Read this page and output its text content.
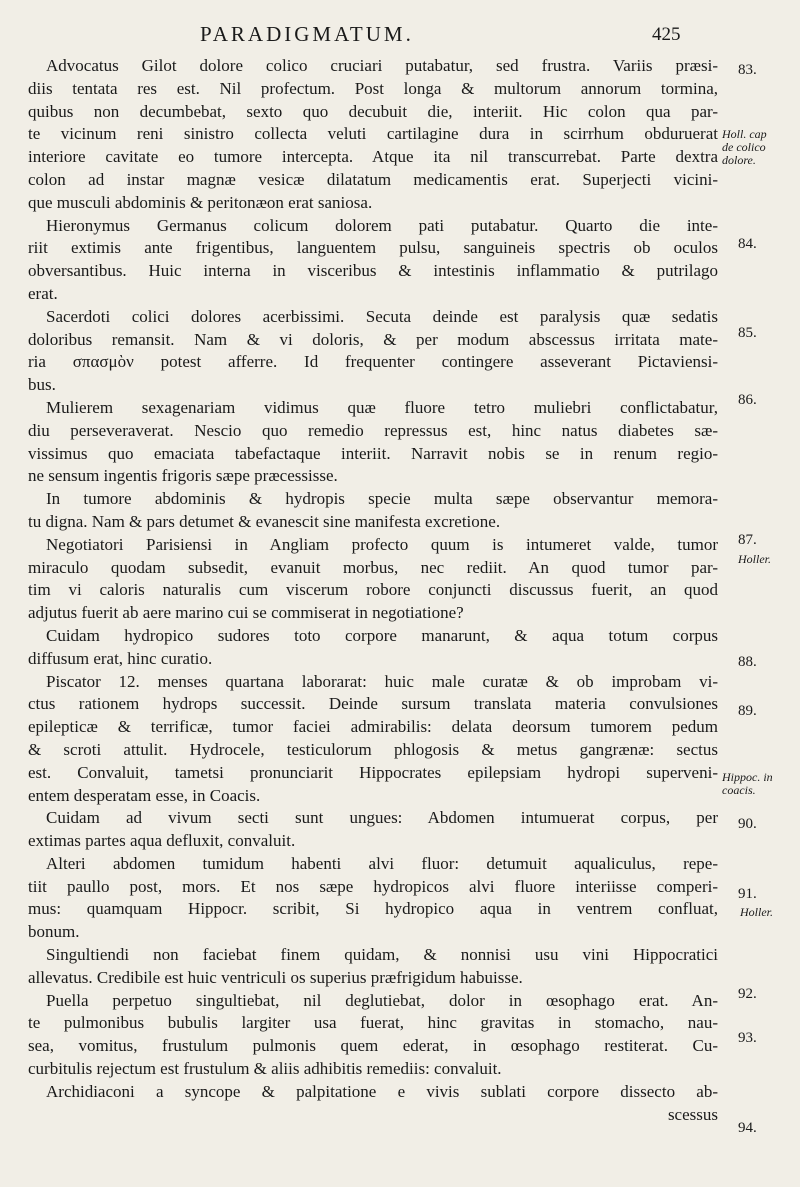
PARADIGMATUM.	425
Advocatus Gilot dolore colico cruciari putabatur, sed frustra. Variis præsi-
diis tentata res est. Nil profectum. Post longa & multorum annorum tormina,
quibus non decumbebat, sexto quo decubuit die, interiit. Hic colon qua par-
te vicinum reni sinistro collecta veluti cartilagine dura in scirrhum obduruerat
interiore cavitate eo tumore intercepta. Atque ita nil transcurrebat. Parte dextra
colon ad instar magnæ vesicæ dilatatum medicamentis erat. Superjecti vicini-
que musculi abdominis & peritonæon erat saniosa.
Hieronymus Germanus colicum dolorem pati putabatur. Quarto die inte-
riit extimis ante frigentibus, languentem pulsu, sanguineis spectris ob oculos
obversantibus. Huic interna in visceribus & intestinis inflammatio & putrilago
erat.
Sacerdoti colici dolores acerbissimi. Secuta deinde est paralysis quæ sedatis
doloribus remansit. Nam & vi doloris, & per modum abscessus irritata mate-
ria σπασμὸν potest afferre. Id frequenter contingere asseverant Pictaviensi-
bus.
Mulierem sexagenariam vidimus quæ fluore tetro muliebri conflictabatur,
diu perseveraverat. Nescio quo remedio repressus est, hinc natus diabetes sæ-
vissimus quo emaciata tabefactaque interiit. Narravit nobis se in renum regio-
ne sensum ingentis frigoris sæpe præcessisse.
In tumore abdominis & hydropis specie multa sæpe observantur memora-
tu digna. Nam & pars detumet & evanescit sine manifesta excretione.
Negotiatori Parisiensi in Angliam profecto quum is intumeret valde, tumor
miraculo quodam subsedit, evanuit morbus, nec rediit. An quod tumor par-
tim vi caloris naturalis cum viscerum robore conjuncti discussus fuerit, an quod
adjutus fuerit ab aere marino cui se commiserat in negotiatione?
Cuidam hydropico sudores toto corpore manarunt, & aqua totum corpus
diffusum erat, hinc curatio.
Piscator 12. menses quartana laborarat: huic male curatæ & ob improbam vi-
ctus rationem hydrops successit. Deinde sursum translata materia convulsiones
epilepticæ & terrificæ, tumor faciei admirabilis: delata deorsum tumorem pedum
& scroti attulit. Hydrocele, testiculorum phlogosis & metus gangrænæ: sectus
est. Convaluit, tametsi pronunciarit Hippocrates epilepsiam hydropi superveni-
entem desperatam esse, in Coacis.
Cuidam ad vivum secti sunt ungues: Abdomen intumuerat corpus, per
extimas partes aqua defluxit, convaluit.
Alteri abdomen tumidum habenti alvi fluor: detumuit aqualiculus, repe-
tiit paullo post, mors. Et nos sæpe hydropicos alvi fluore interiisse comperi-
mus: quamquam Hippocr. scribit, Si hydropico aqua in ventrem confluat,
bonum.
Singultiendi non faciebat finem quidam, & nonnisi usu vini Hippocratici
allevatus. Credibile est huic ventriculi os superius præfrigidum habuisse.
Puella perpetuo singultiebat, nil deglutiebat, dolor in œsophago erat. An-
te pulmonibus bubulis largiter usa fuerat, hinc gravitas in stomacho, nau-
sea, vomitus, frustulum pulmonis quem ederat, in œsophago restiterat. Cu-
curbitulis rejectum est frustulum & aliis adhibitis remediis: convaluit.
Archidiaconi a syncope & palpitatione e vivis sublati corpore dissecto ab-
scessus
83.
84.
85.
86.
87.
88.
89.
90.
91.
92.
93.
94.
Holl. cap
de colico
dolore.
Holler.
Hippoc. in
coacis.
Holler.
